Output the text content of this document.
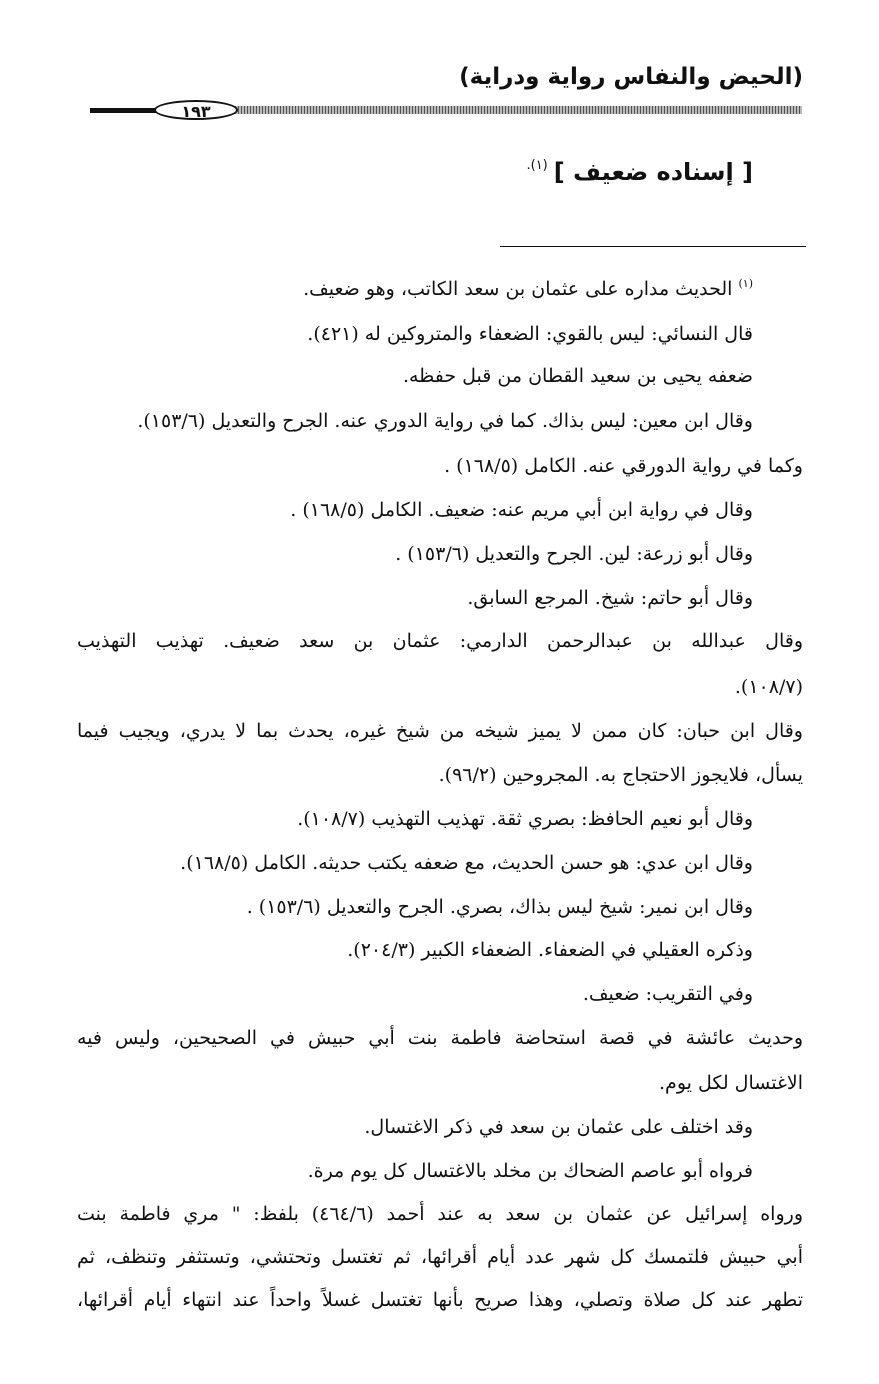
(الحيض والنفاس رواية ودراية)
١٩٣
[ إسناده ضعيف ]$^{(١).}$
$^{(١)}$ الحديث مداره على عثمان بن سعد الكاتب، وهو ضعيف.
قال النسائي: ليس بالقوي: الضعفاء والمتروكين له (٤٢١).
ضعفه يحيى بن سعيد القطان من قبل حفظه.
وقال ابن معين: ليس بذاك. كما في رواية الدوري عنه. الجرح والتعديل (١٥٣/٦).
وكما في رواية الدورقي عنه. الكامل (١٦٨/٥) .
وقال في رواية ابن أبي مريم عنه: ضعيف. الكامل (١٦٨/٥) .
وقال أبو زرعة: لين. الجرح والتعديل (١٥٣/٦) .
وقال أبو حاتم: شيخ. المرجع السابق.
وقال عبدالله بن عبدالرحمن الدارمي: عثمان بن سعد ضعيف. تهذيب التهذيب
(١٠٨/٧).
وقال ابن حبان: كان ممن لا يميز شيخه من شيخ غيره، يحدث بما لا يدري، ويجيب فيما
يسأل، فلايجوز الاحتجاج به. المجروحين (٩٦/٢).
وقال أبو نعيم الحافظ: بصري ثقة. تهذيب التهذيب (١٠٨/٧).
وقال ابن عدي: هو حسن الحديث، مع ضعفه يكتب حديثه. الكامل (١٦٨/٥).
وقال ابن نمير: شيخ ليس بذاك، بصري. الجرح والتعديل (١٥٣/٦) .
وذكره العقيلي في الضعفاء. الضعفاء الكبير (٢٠٤/٣).
وفي التقريب: ضعيف.
وحديث عائشة في قصة استحاضة فاطمة بنت أبي حبيش في الصحيحين، وليس فيه
الاغتسال لكل يوم.
وقد اختلف على عثمان بن سعد في ذكر الاغتسال.
فرواه أبو عاصم الضحاك بن مخلد بالاغتسال كل يوم مرة.
ورواه إسرائيل عن عثمان بن سعد به عند أحمد (٤٦٤/٦) بلفظ: " مري فاطمة بنت
أبي حبيش فلتمسك كل شهر عدد أيام أقرائها، ثم تغتسل وتحتشي، وتستثفر وتنظف، ثم
تطهر عند كل صلاة وتصلي، وهذا صريح بأنها تغتسل غسلاً واحداً عند انتهاء أيام أقرائها،
